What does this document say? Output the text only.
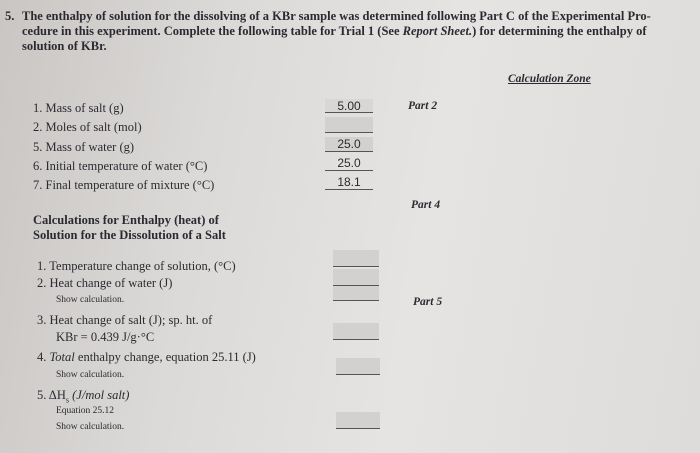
5. The enthalpy of solution for the dissolving of a KBr sample was determined following Part C of the Experimental Pro-
cedure in this experiment. Complete the following table for Trial 1 (See Report Sheet.) for determining the enthalpy of
solution of KBr.
Calculation Zone
1. Mass of salt (g)
2. Moles of salt (mol)
5. Mass of water (g)
6. Initial temperature of water (°C)
7. Final temperature of mixture (°C)
5.00
25.0
25.0
18.1
Part 2
Part 4
Part 5
Calculations for Enthalpy (heat) of
Solution for the Dissolution of a Salt
1. Temperature change of solution, (°C)
2. Heat change of water (J)
Show calculation.
3. Heat change of salt (J); sp. ht. of
KBr = 0.439 J/g·°C
4. Total enthalpy change, equation 25.11 (J)
Show calculation.
5. $\Delta H_s$ (J/mol salt)
Equation 25.12
Show calculation.
